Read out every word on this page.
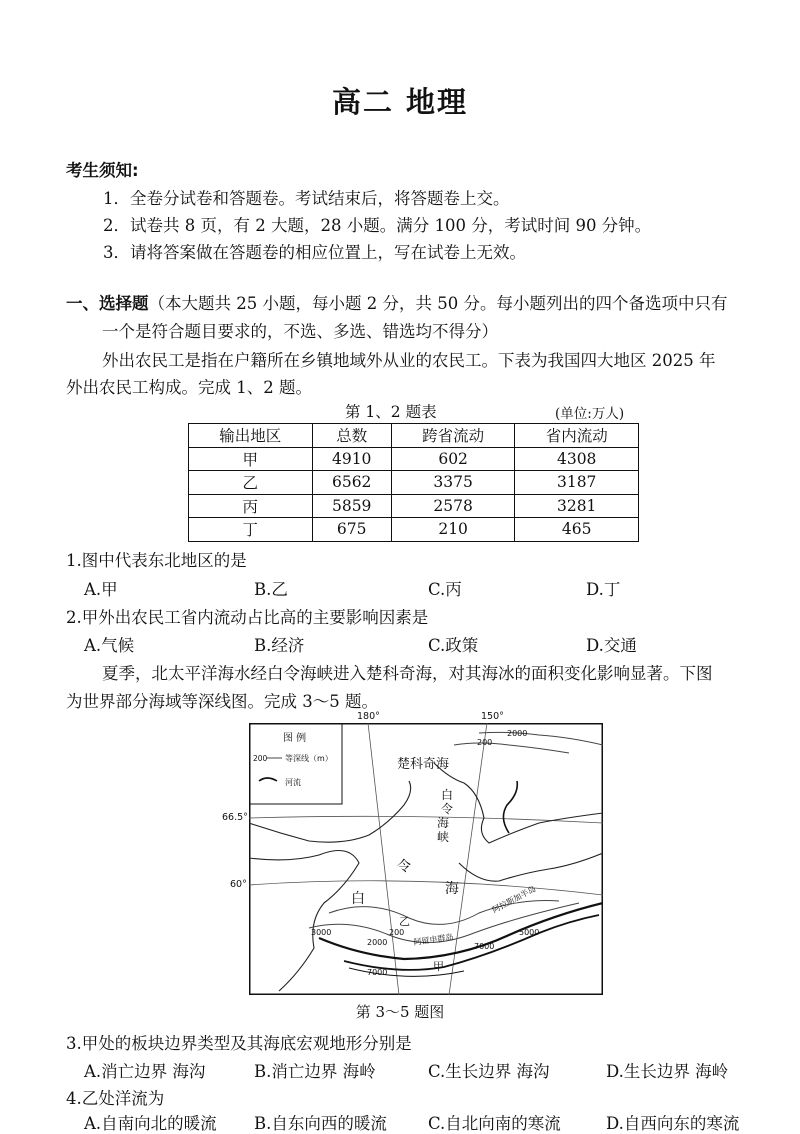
高二 地理
考生须知:
1．全卷分试卷和答题卷。考试结束后，将答题卷上交。
2．试卷共 8 页，有 2 大题，28 小题。满分 100 分，考试时间 90 分钟。
3．请将答案做在答题卷的相应位置上，写在试卷上无效。
一、选择题（本大题共 25 小题，每小题 2 分，共 50 分。每小题列出的四个备选项中只有
一个是符合题目要求的，不选、多选、错选均不得分）
外出农民工是指在户籍所在乡镇地域外从业的农民工。下表为我国四大地区 2025 年
外出农民工构成。完成 1、2 题。
第 1、2 题表	(单位:万人)
输出地区	总数	跨省流动	省内流动
甲	4910	602	4308
乙	6562	3375	3187
丙	5859	2578	3281
丁	675	210	465
1.图中代表东北地区的是
A.甲	B.乙	C.丙	D.丁
2.甲外出农民工省内流动占比高的主要影响因素是
A.气候	B.经济	C.政策	D.交通
夏季，北太平洋海水经白令海峡进入楚科奇海，对其海冰的面积变化影响显著。下图
为世界部分海域等深线图。完成 3～5 题。
图 例
200 等深线（m）
河流
楚科奇海
白
令
海
峡
白
令
海	阿拉斯加半岛
阿留申群岛
甲
乙
200
2000
2000
3000	200	5000
7000
7000
180°	150°
66.5°
60°
第 3～5 题图
3.甲处的板块边界类型及其海底宏观地形分别是
A.消亡边界 海沟	B.消亡边界 海岭	C.生长边界 海沟	D.生长边界 海岭
4.乙处洋流为
A.自南向北的暖流 B.自东向西的暖流 C.自北向南的寒流	D.自西向东的寒流
